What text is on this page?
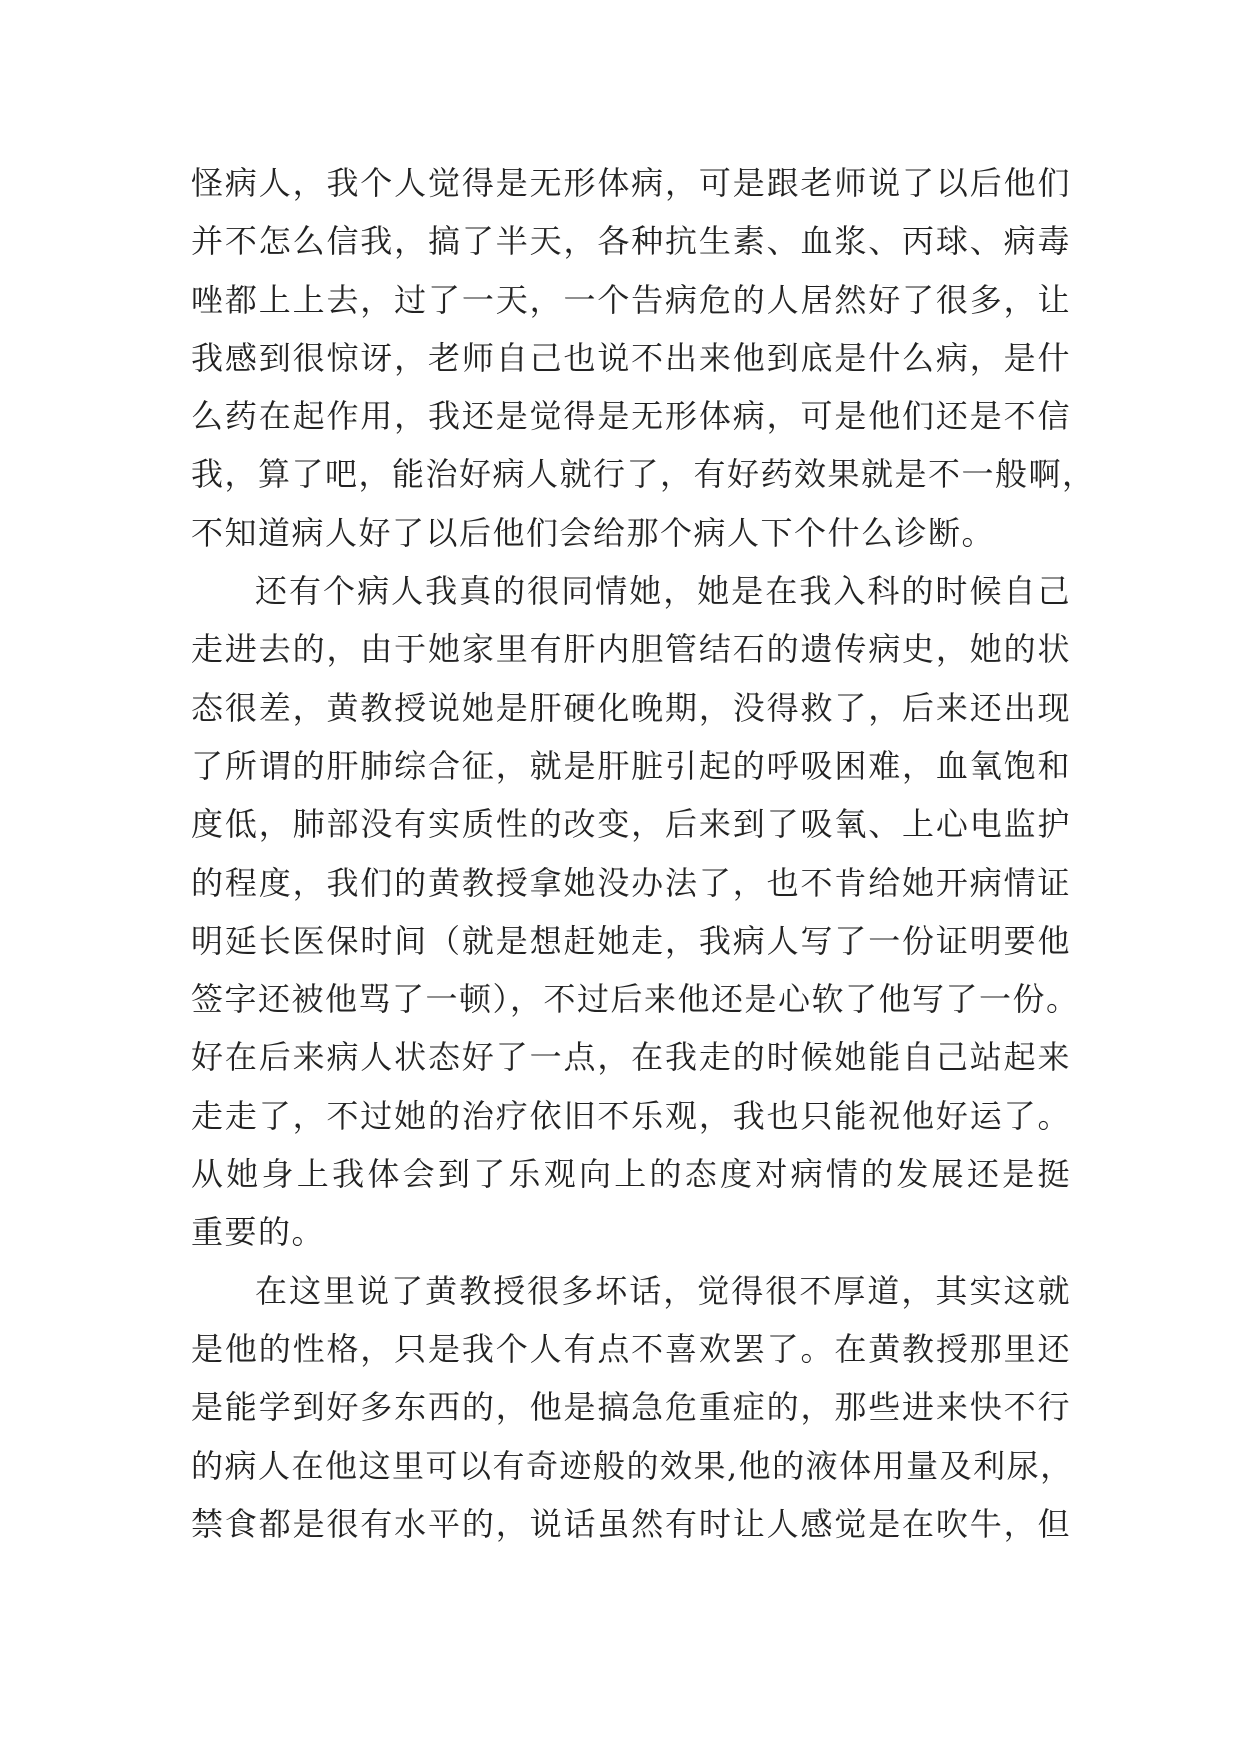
怪病人，我个人觉得是无形体病，可是跟老师说了以后他们
并不怎么信我，搞了半天，各种抗生素、血浆、丙球、病毒
唑都上上去，过了一天，一个告病危的人居然好了很多，让
我感到很惊讶，老师自己也说不出来他到底是什么病，是什
么药在起作用，我还是觉得是无形体病，可是他们还是不信
我，算了吧，能治好病人就行了，有好药效果就是不一般啊，
不知道病人好了以后他们会给那个病人下个什么诊断。
还有个病人我真的很同情她，她是在我入科的时候自己
走进去的，由于她家里有肝内胆管结石的遗传病史，她的状
态很差，黄教授说她是肝硬化晚期，没得救了，后来还出现
了所谓的肝肺综合征，就是肝脏引起的呼吸困难，血氧饱和
度低，肺部没有实质性的改变，后来到了吸氧、上心电监护
的程度，我们的黄教授拿她没办法了，也不肯给她开病情证
明延长医保时间（就是想赶她走，我病人写了一份证明要他
签字还被他骂了一顿），不过后来他还是心软了他写了一份。
好在后来病人状态好了一点，在我走的时候她能自己站起来
走走了，不过她的治疗依旧不乐观，我也只能祝他好运了。
从她身上我体会到了乐观向上的态度对病情的发展还是挺
重要的。
在这里说了黄教授很多坏话，觉得很不厚道，其实这就
是他的性格，只是我个人有点不喜欢罢了。在黄教授那里还
是能学到好多东西的，他是搞急危重症的，那些进来快不行
的病人在他这里可以有奇迹般的效果,他的液体用量及利尿，
禁食都是很有水平的，说话虽然有时让人感觉是在吹牛，但
